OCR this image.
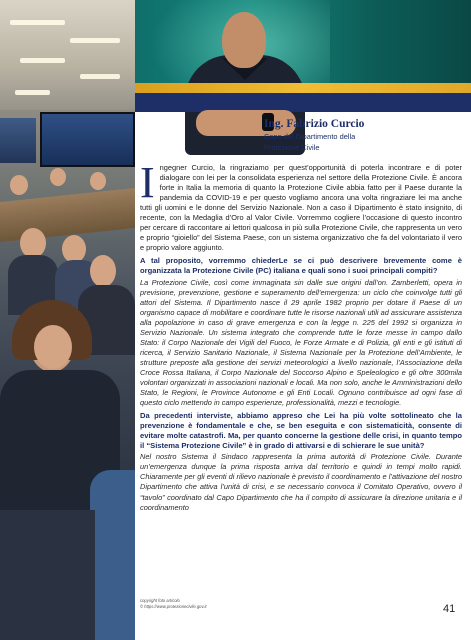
Ing. Fabrizio Curcio
Capo del Dipartimento della
Protezione Civile
I ngegner Curcio, la ringraziamo per quest’opportunità di poterla incontrare e di poter dialogare con lei per la consolidata esperienza nel settore della Protezione Civile. È ancora forte in Italia la memoria di quanto la Protezione Civile abbia fatto per il Paese durante la pandemia da COVID-19 e per questo vogliamo ancora una volta ringraziare lei ma anche tutti gli uomini e le donne del Servizio Nazionale. Non a caso il Dipartimento è stato insignito, di recente, con la Medaglia d’Oro al Valor Civile. Vorremmo cogliere l’occasione di questo incontro per cercare di raccontare ai lettori qualcosa in più sulla Protezione Civile, che rappresenta un vero e proprio “gioiello” del Sistema Paese, con un sistema organizzativo che fa del volontariato il vero e proprio valore aggiunto.

A tal proposito, vorremmo chiederLe se ci può descrivere brevemente come è organizzata la Protezione Civile (PC) italiana e quali sono i suoi principali compiti?

La Protezione Civile, così come immaginata sin dalle sue origini dall’on. Zamberletti, opera in previsione, prevenzione, gestione e superamento dell’emergenza: un ciclo che coinvolge tutti gli attori del Sistema. Il Dipartimento nasce il 29 aprile 1982 proprio per dotare il Paese di un organismo capace di mobilitare e coordinare tutte le risorse nazionali utili ad assicurare assistenza alla popolazione in caso di grave emergenza e con la legge n. 225 del 1992 si organizza in Servizio Nazionale. Un sistema integrato che comprende tutte le forze messe in campo dallo Stato: il Corpo Nazionale dei Vigili del Fuoco, le Forze Armate e di Polizia, gli enti e gli istituti di ricerca, il Servizio Sanitario Nazionale, il Sistema Nazionale per la Protezione dell’Ambiente, le strutture preposte alla gestione dei servizi meteorologici a livello nazionale, l’Associazione della Croce Rossa Italiana, il Corpo Nazionale del Soccorso Alpino e Speleologico e gli oltre 300mila volontari organizzati in associazioni nazionali e locali. Ma non solo, anche le Amministrazioni dello Stato, le Regioni, le Province Autonome e gli Enti Locali. Ognuno contribuisce ad ogni fase di questo ciclo mettendo in campo esperienze, professionalità, mezzi e tecnologie.

Da precedenti interviste, abbiamo appreso che Lei ha più volte sottolineato che la prevenzione è fondamentale e che, se ben eseguita e con sistematicità, consente di evitare molte catastrofi. Ma, per quanto concerne la gestione delle crisi, in quanto tempo il “Sistema Protezione Civile” è in grado di attivarsi e di schierare le sue unità?

Nel nostro Sistema il Sindaco rappresenta la prima autorità di Protezione Civile. Durante un’emergenza dunque la prima risposta arriva dal territorio e quindi in tempi molto rapidi. Chiaramente per gli eventi di rilievo nazionale è previsto il coordinamento e l’attivazione del nostro Dipartimento che attiva l’unità di crisi, e se necessario convoca il Comitato Operativo, ovvero il “tavolo” coordinato dal Capo Dipartimento che ha il compito di assicurare la direzione unitaria e il coordinamento

copyright foto articolo
© https://www.protezionecivile.gov.it	41
